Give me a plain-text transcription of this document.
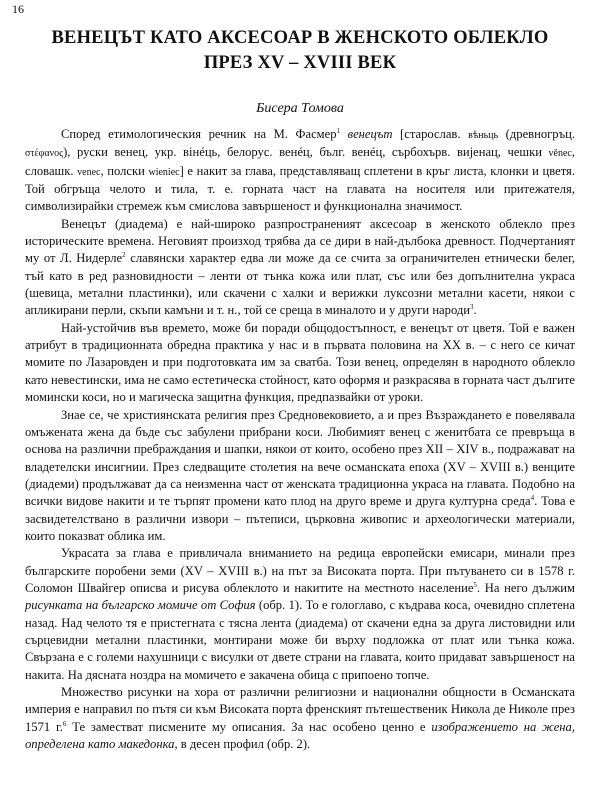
16
ВЕНЕЦЪТ КАТО АКСЕСОАР В ЖЕНСКОТО ОБЛЕКЛО
ПРЕЗ XV – XVIII ВЕК
Бисера Томова

Според етимологическия речник на М. Фасмер$^1$ венецът [старослав. вѣньць (древногръц. στέφανος), руски венец, укр. вiнéць, белорус. венéц, бълг. венéц, сърбохърв. виjенац, чешки věnec, словашк. venec, полски wieniec] е накит за глава, представляващ сплетени в кръг листа, клонки и цветя. Той обгръща челото и тила, т. е. горната част на главата на носителя или притежателя, символизирайки стремеж към смислова завършеност и функционална значимост.

Венецът (диадема) е най-широко разпространеният аксесоар в женското облекло през историческите времена. Неговият произход трябва да се дири в най-дълбока древност. Подчертаният му от Л. Нидерле$^2$ славянски характер едва ли може да се счита за ограничителен етнически белег, тъй като в ред разновидности – ленти от тънка кожа или плат, със или без допълнителна украса (шевица, метални пластинки), или скачени с халки и верижки луксозни метални касети, някои с апликирани перли, скъпи камъни и т. н., той се среща в миналото и у други народи$^3$.

Най-устойчив във времето, може би поради общодостъпност, е венецът от цветя. Той е важен атрибут в традиционната обредна практика у нас и в първата половина на ХХ в. – с него се кичат момите по Лазаровден и при подготовката им за сватба. Този венец, определян в народното облекло като невестински, има не само естетическа стойност, като оформя и разкрасява в горната част дългите момински коси, но и магическа защитна функция, предпазвайки от уроки.

Знае се, че християнската религия през Средновековието, а и през Възраждането е повелявала омъжената жена да бъде със забулени прибрани коси. Любимият венец с женитбата се превръща в основа на различни пребраждания и шапки, някои от които, особено през XII – XIV в., подражават на владетелски инсигнии. През следващите столетия на вече османската епоха (XV – XVIII в.) венците (диадеми) продължават да са неизменна част от женската традиционна украса на главата. Подобно на всички видове накити и те търпят промени като плод на друго време и друга културна среда$^4$. Това е засвидетелствано в различни извори – пътеписи, църковна живопис и археологически материали, които показват облика им.

Украсата за глава е привличала вниманието на редица европейски емисари, минали през българските поробени земи (XV – XVIII в.) на път за Високата порта. При пътуването си в 1578 г. Соломон Швайгер описва и рисува облеклото и накитите на местното население$^5$. На него дължим рисунката на българско момиче от София (обр. 1). То е гологлаво, с къдрава коса, очевидно сплетена назад. Над челото тя е пристегната с тясна лента (диадема) от скачени една за друга листовидни или сърцевидни метални пластинки, монтирани може би върху подложка от плат или тънка кожа. Свързана е с големи нахушници с висулки от двете страни на главата, които придават завършеност на накита. На дясната ноздра на момичето е закачена обица с припоено топче.

Множество рисунки на хора от различни религиозни и национални общности в Османската империя е направил по пътя си към Високата порта френският пътешественик Никола де Николе през 1571 г.$^6$ Те заместват писмените му описания. За нас особено ценно е изображението на жена, определена като македонка, в десен профил (обр. 2).
